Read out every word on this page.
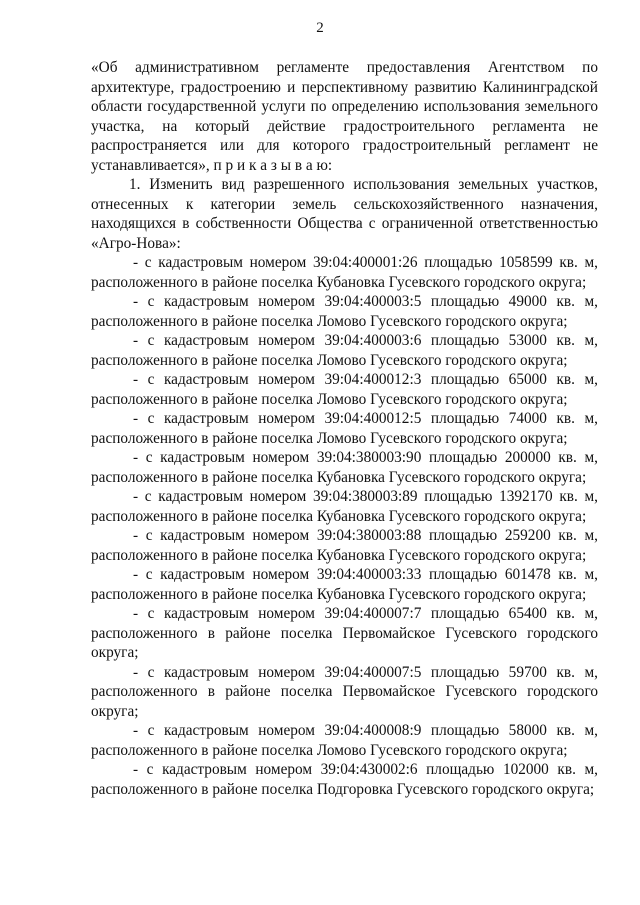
2
«Об административном регламенте предоставления Агентством по
архитектуре, градостроению и перспективному развитию Калининградской
области государственной услуги по определению использования земельного
участка, на который действие градостроительного регламента не
распространяется или для которого градостроительный регламент не
устанавливается», п р и к а з ы в а ю:
1. Изменить вид разрешенного использования земельных участков,
отнесенных к категории земель сельскохозяйственного назначения,
находящихся в собственности Общества с ограниченной ответственностью
«Агро-Нова»:
- с кадастровым номером 39:04:400001:26 площадью 1058599 кв. м,
расположенного в районе поселка Кубановка Гусевского городского округа;
- с кадастровым номером 39:04:400003:5 площадью 49000 кв. м,
расположенного в районе поселка Ломово Гусевского городского округа;
- с кадастровым номером 39:04:400003:6 площадью 53000 кв. м,
расположенного в районе поселка Ломово Гусевского городского округа;
- с кадастровым номером 39:04:400012:3 площадью 65000 кв. м,
расположенного в районе поселка Ломово Гусевского городского округа;
- с кадастровым номером 39:04:400012:5 площадью 74000 кв. м,
расположенного в районе поселка Ломово Гусевского городского округа;
- с кадастровым номером 39:04:380003:90 площадью 200000 кв. м,
расположенного в районе поселка Кубановка Гусевского городского округа;
- с кадастровым номером 39:04:380003:89 площадью 1392170 кв. м,
расположенного в районе поселка Кубановка Гусевского городского округа;
- с кадастровым номером 39:04:380003:88 площадью 259200 кв. м,
расположенного в районе поселка Кубановка Гусевского городского округа;
- с кадастровым номером 39:04:400003:33 площадью 601478 кв. м,
расположенного в районе поселка Кубановка Гусевского городского округа;
- с кадастровым номером 39:04:400007:7 площадью 65400 кв. м,
расположенного в районе поселка Первомайское Гусевского городского
округа;
- с кадастровым номером 39:04:400007:5 площадью 59700 кв. м,
расположенного в районе поселка Первомайское Гусевского городского
округа;
- с кадастровым номером 39:04:400008:9 площадью 58000 кв. м,
расположенного в районе поселка Ломово Гусевского городского округа;
- с кадастровым номером 39:04:430002:6 площадью 102000 кв. м,
расположенного в районе поселка Подгоровка Гусевского городского округа;
